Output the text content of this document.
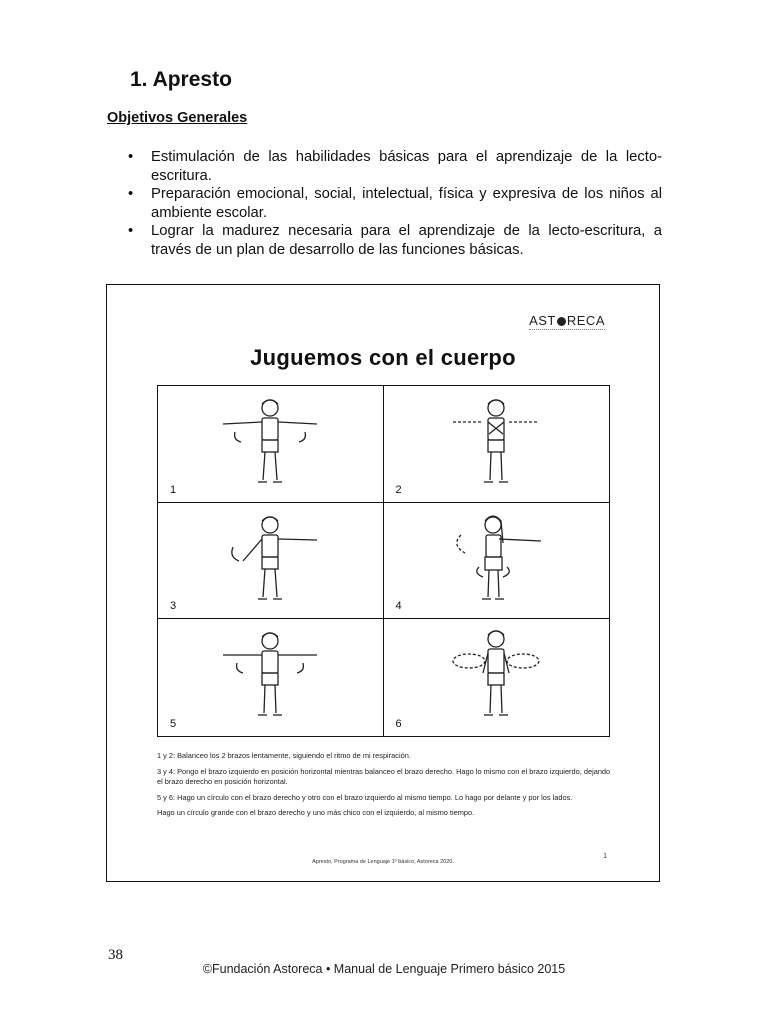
1. Apresto
Objetivos Generales
• Estimulación de las habilidades básicas para el aprendizaje de la lecto-escritura.
• Preparación emocional, social, intelectual, física y expresiva de los niños al ambiente escolar.
• Lograr la madurez necesaria para el aprendizaje de la lecto-escritura, a través de un plan de desarrollo de las funciones básicas.
AST RECA
Juguemos con el cuerpo
1	2
3	4
5	6

1 y 2: Balanceo los 2 brazos lentamente, siguiendo el ritmo de mi respiración.

3 y 4: Pongo el brazo izquierdo en posición horizontal mientras balanceo el brazo derecho. Hago lo mismo con el brazo izquierdo, dejando el brazo derecho en posición horizontal.

5 y 6: Hago un círculo con el brazo derecho y otro con el brazo izquierdo al mismo tiempo. Lo hago por delante y por los lados.

Hago un círculo grande con el brazo derecho y uno más chico con el izquierdo, al mismo tiempo.

Apresto, Programa de Lenguaje 1º básico, Astoreca 2020.
1
38
©Fundación Astoreca • Manual de Lenguaje Primero básico 2015
